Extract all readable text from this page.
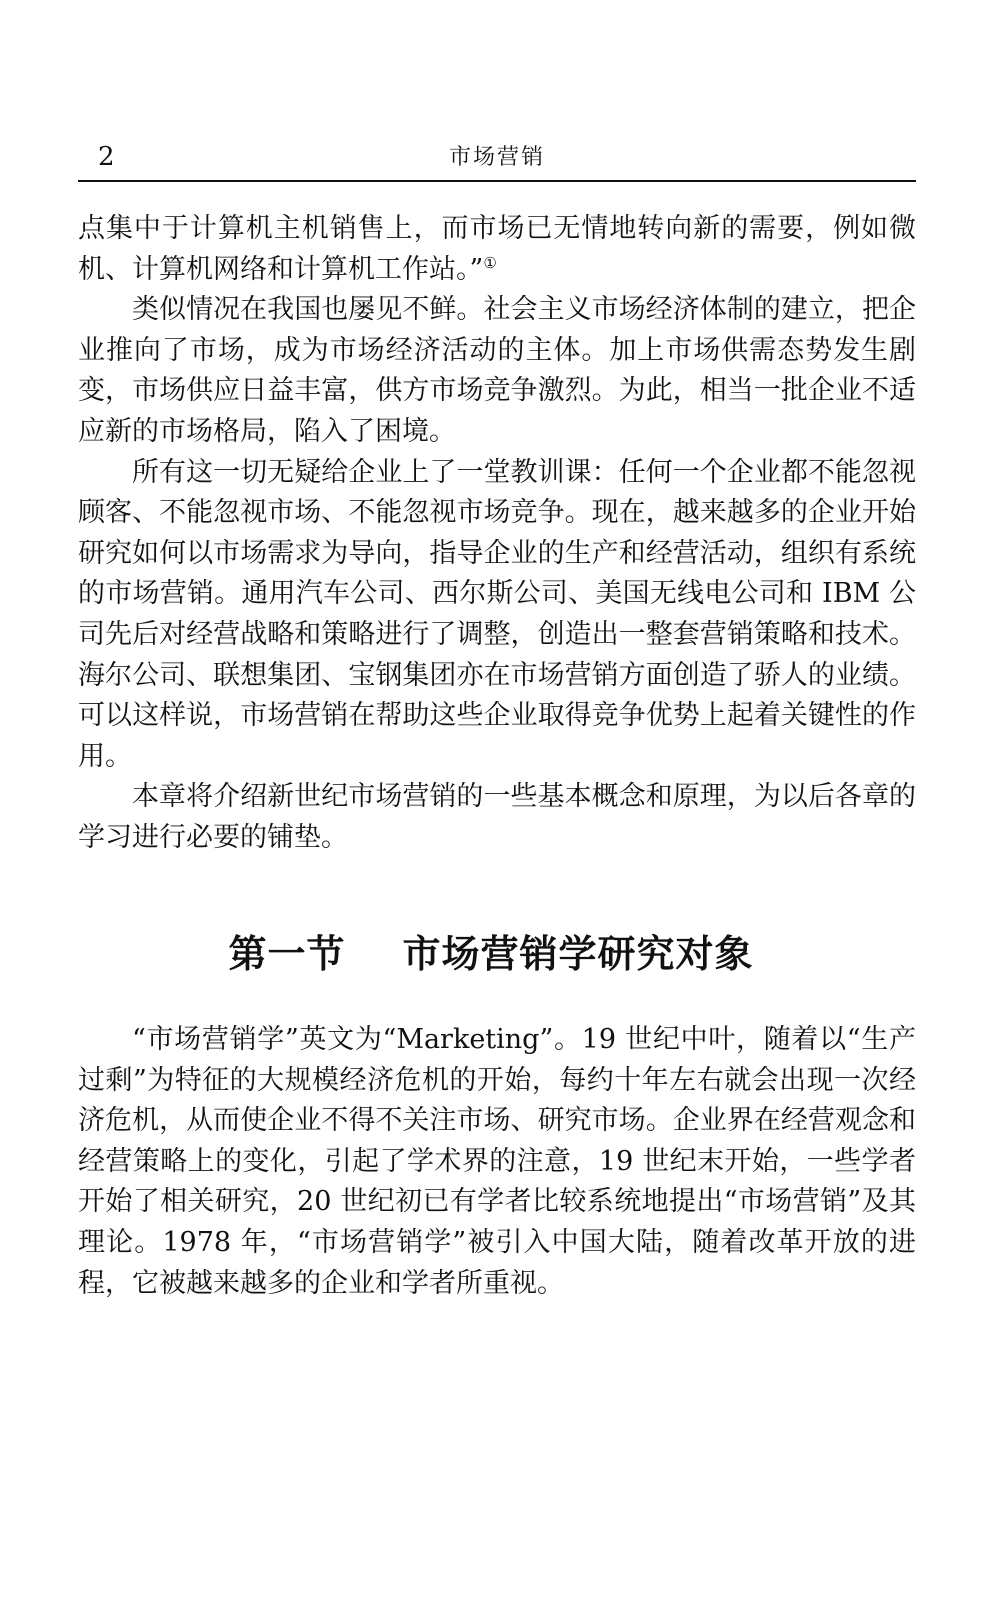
2	市场营销

点集中于计算机主机销售上，而市场已无情地转向新的需要，例如微机、计算机网络和计算机工作站。”①

类似情况在我国也屡见不鲜。社会主义市场经济体制的建立，把企业推向了市场，成为市场经济活动的主体。加上市场供需态势发生剧变，市场供应日益丰富，供方市场竞争激烈。为此，相当一批企业不适应新的市场格局，陷入了困境。

所有这一切无疑给企业上了一堂教训课：任何一个企业都不能忽视顾客、不能忽视市场、不能忽视市场竞争。现在，越来越多的企业开始研究如何以市场需求为导向，指导企业的生产和经营活动，组织有系统的市场营销。通用汽车公司、西尔斯公司、美国无线电公司和 IBM 公司先后对经营战略和策略进行了调整，创造出一整套营销策略和技术。海尔公司、联想集团、宝钢集团亦在市场营销方面创造了骄人的业绩。可以这样说，市场营销在帮助这些企业取得竞争优势上起着关键性的作用。

本章将介绍新世纪市场营销的一些基本概念和原理，为以后各章的学习进行必要的铺垫。

第一节    市场营销学研究对象

“市场营销学”英文为“Marketing”。19 世纪中叶，随着以“生产过剩”为特征的大规模经济危机的开始，每约十年左右就会出现一次经济危机，从而使企业不得不关注市场、研究市场。企业界在经营观念和经营策略上的变化，引起了学术界的注意，19 世纪末开始，一些学者开始了相关研究，20 世纪初已有学者比较系统地提出“市场营销”及其理论。1978 年，“市场营销学”被引入中国大陆，随着改革开放的进程，它被越来越多的企业和学者所重视。
